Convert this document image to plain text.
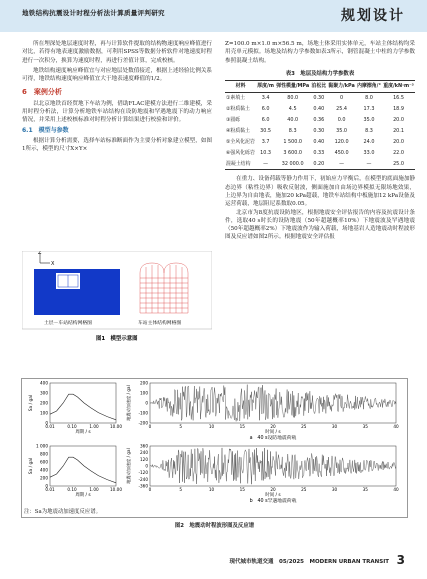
地铁结构抗震设计时程分析法计算质量评判研究	规划设计

所在埋深处地层速度时程，再与计算软件提取的结构物速度响应峰值进行对比，若得有地表速度激励数据，可利用SPSS等数据分析软件对地速度时程进行一次积分，换算为速度时程，再进行差值计算，完成校核。

地铁结构速度响应峰值宜与对应地层处数值接近，根据上述经验比例关系可得，地铁结构速度响应峰值宜大于地表速度峰值的1/2。

6　案例分析

以北京地铁首经贸地下车站为例，借助FLAC建模方法进行二维建模，采用时程分析法，计算分析地铁车站结构在设防地震和罕遇地震下的动力响应情况，并采用上述校核标准对时程分析计算结果进行校验和评价。

6.1　模型与参数

根据计算分析需要，选择车站标准断面作为主要分析对象建立模型，如图1所示，模型的尺寸X×Y×

Z
X
土层－车站结构网格图	车站主体结构网格图
图1　模型示意图

Z=100.0 m×1.0 m×56.5 m，场地土体采用实体单元，车站主体结构均采用壳单元模拟。场地及结构力学参数如表3所示，钢管混凝土中柱的力学参数参照混凝土结构。

表3　地层及结构力学参数表
材料	厚度/m	弹性模量/MPa	泊松比	黏聚力/kPa	内摩擦角/°	重度/kN·m⁻³
①素填土	3.4	80.0	0.30	0	8.0	16.5
②粉质黏土	6.0	4.5	0.40	25.4	17.3	18.9
③圆砾	6.0	40.0	0.36	0.0	35.0	20.0
④粉质黏土	30.5	8.3	0.30	35.0	8.3	20.1
⑤全风化泥岩	3.7	1 500.0	0.40	120.0	24.0	20.0
⑥强风化砾岩	10.3	3 600.0	0.33	450.0	33.0	22.0
混凝土结构	—	32 000.0	0.20	—	—	25.0

在重力、设备荷载等静力作用下，初始应力平衡后，在模型的底面施加静态边界（粘性边界）吸收反射波，侧面施加自由场边界模拟无限场地效果，上边界为自由地表，施加20 kPa超载，地铁车站结构中板施加12 kPa设备及运营荷载，地层阻尼系数取0.05。

北京市为8度抗震设防地区，根据地震安全评估报告的内容及抗震设计条件，选取40 s时长的设防地震（50年超越概率10%）下地震波及罕遇地震（50年超越概率2%）下地震波作为输入荷载，场地基岩人造地震动时程波形图及反应谱如图2所示。根据地震安全评估报

400
300
200
100
0
0.01	0.10	1.00	10.00
Sa / gal
周期 / s
200
100
0
-100
-200
0	5	10	15	20	25	30	35	40
地震动加速度 / gal
时间 / s
a　40 s设防地震荷载
1 000
800
600
400
200
0
0.01	0.10	1.00	10.00
Sa / gal
周期 / s
360
240
120
0
-120
-240
-360
0	5	10	15	20	25	30	35	40
地震动加速度 / gal
时间 / s
b　40 s罕遇地震荷载
注：Sa为地震动加速度反应谱。
图2　地震动时程波形图及反应谱
现代城市轨道交通　05/2025　MODERN URBAN TRANSIT 3
